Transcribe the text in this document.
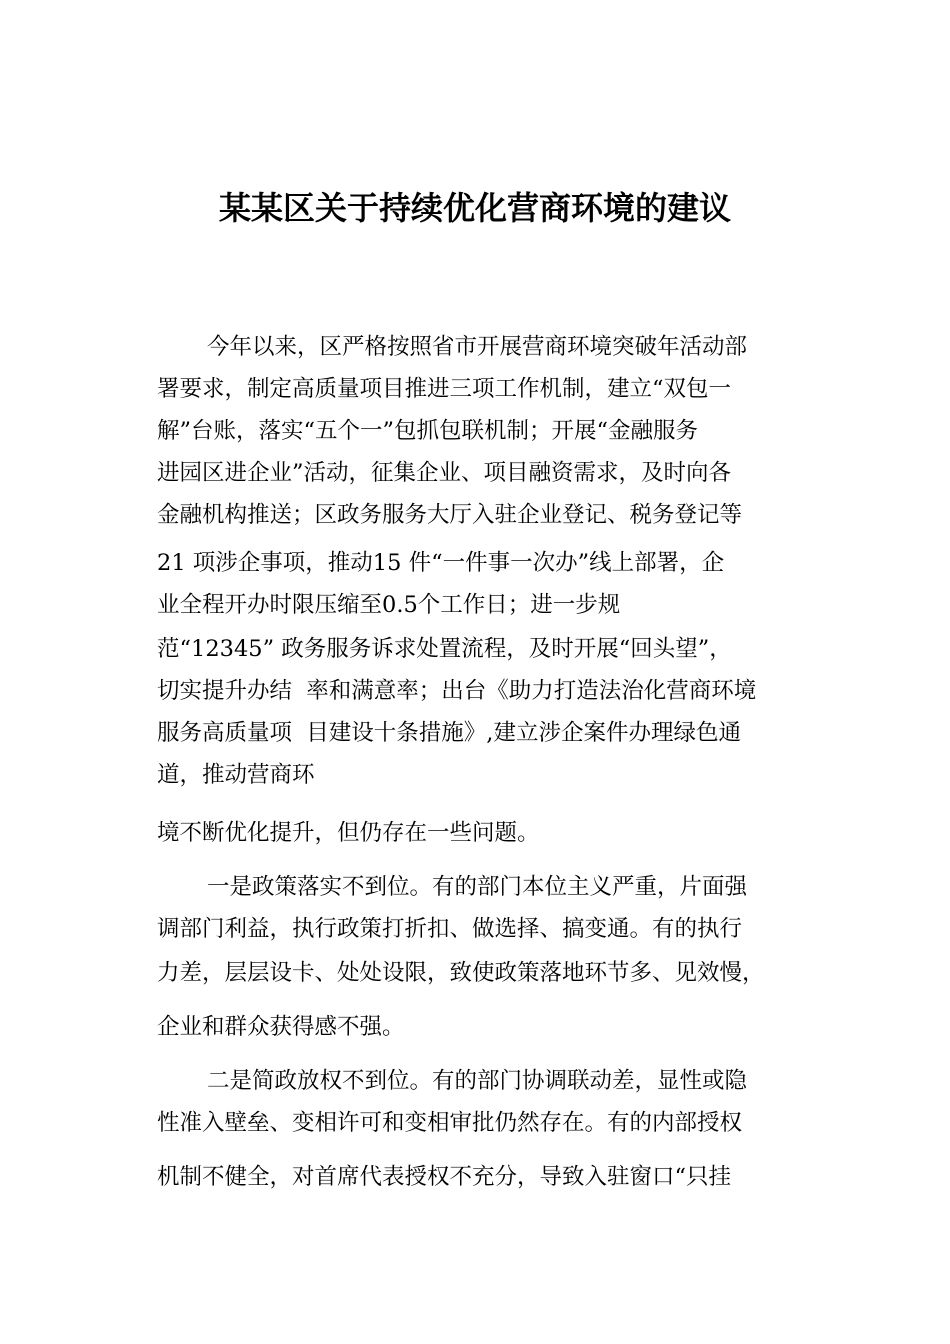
某某区关于持续优化营商环境的建议
今年以来，区严格按照省市开展营商环境突破年活动部
署要求，制定高质量项目推进三项工作机制，建立“双包一
解”台账，落实“五个一”包抓包联机制；开展“金融服务
进园区进企业”活动，征集企业、项目融资需求，及时向各
金融机构推送；区政务服务大厅入驻企业登记、税务登记等
21 项涉企事项，推动15 件“一件事一次办”线上部署，企
业全程开办时限压缩至0.5个工作日；进一步规
范“12345” 政务服务诉求处置流程，及时开展“回头望”，
切实提升办结  率和满意率；出台《助力打造法治化营商环境
服务高质量项  目建设十条措施》,建立涉企案件办理绿色通
道，推动营商环
境不断优化提升，但仍存在一些问题。
一是政策落实不到位。有的部门本位主义严重，片面强
调部门利益，执行政策打折扣、做选择、搞变通。有的执行
力差，层层设卡、处处设限，致使政策落地环节多、见效慢，
企业和群众获得感不强。
二是简政放权不到位。有的部门协调联动差，显性或隐
性准入壁垒、变相许可和变相审批仍然存在。有的内部授权
机制不健全，对首席代表授权不充分，导致入驻窗口“只挂
